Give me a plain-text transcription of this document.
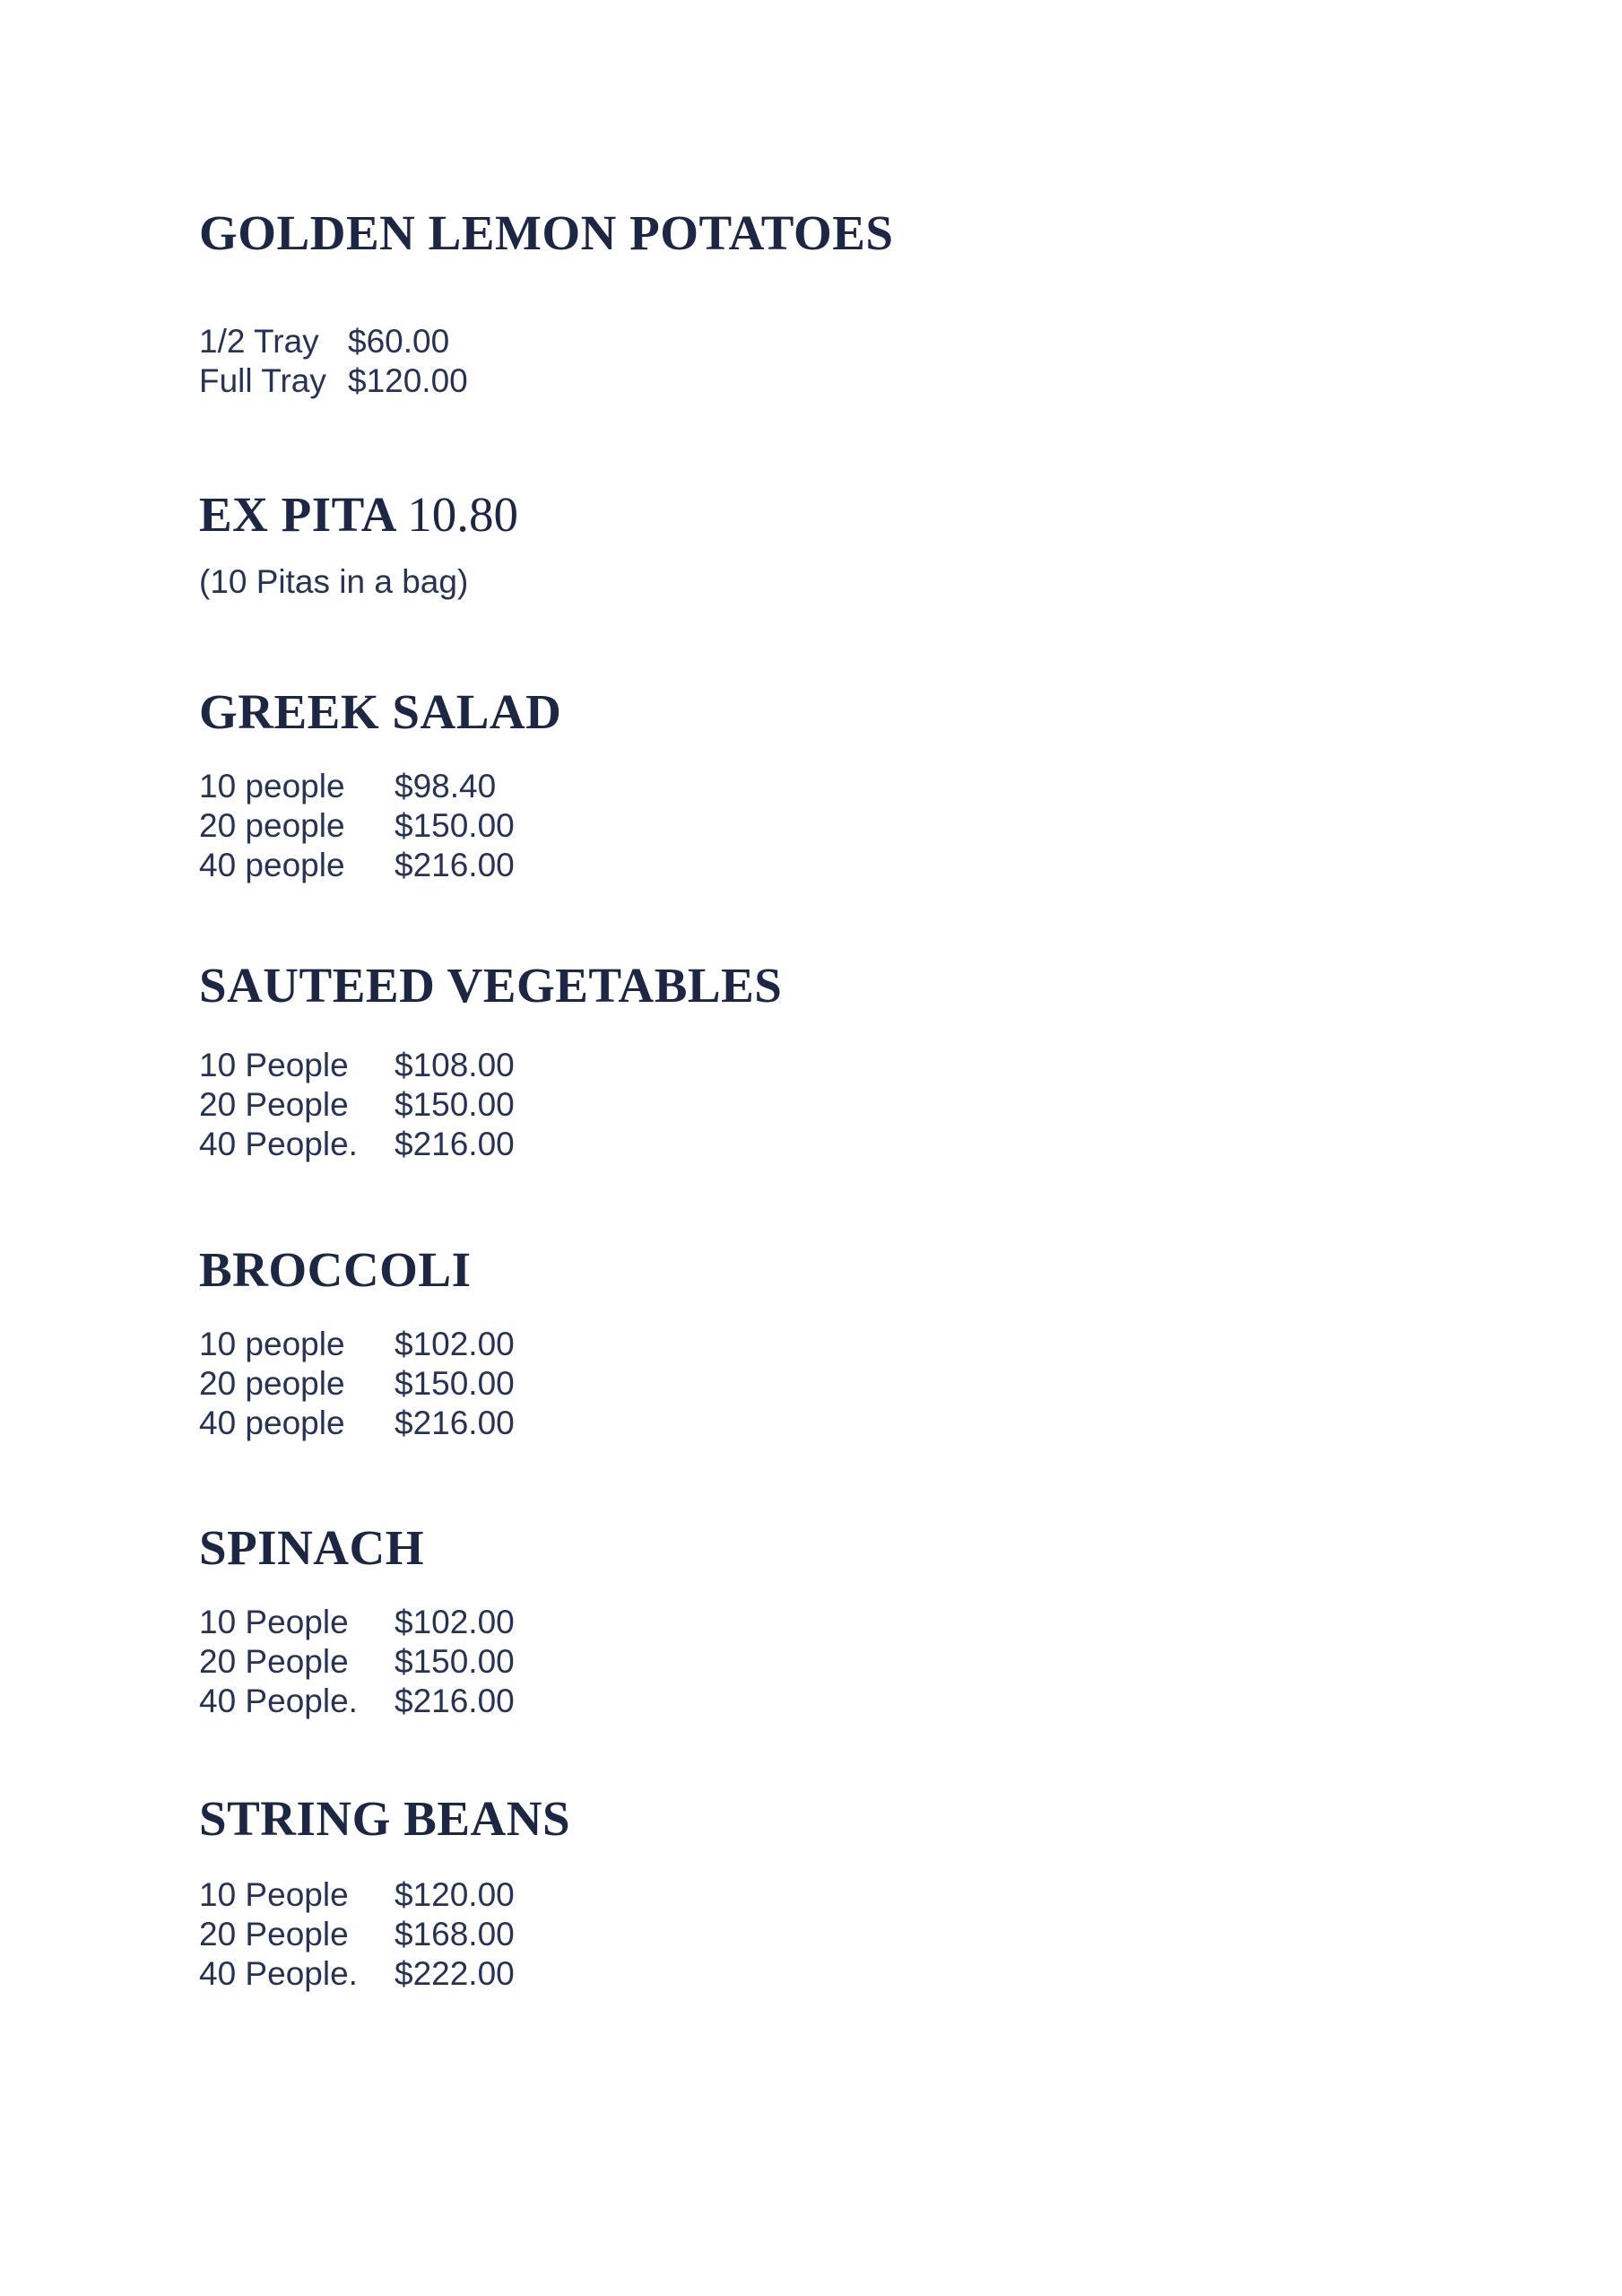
GOLDEN LEMON POTATOES
1/2 Tray $60.00
Full Tray $120.00
EX PITA 10.80

(10 Pitas in a bag)

GREEK SALAD
10 people	$98.40
20 people	$150.00
40 people	$216.00
SAUTEED VEGETABLES
10 People	$108.00
20 People	$150.00
40 People.	$216.00
BROCCOLI
10 people	$102.00
20 people	$150.00
40 people	$216.00
SPINACH
10 People	$102.00
20 People	$150.00
40 People.	$216.00
STRING BEANS
10 People	$120.00
20 People	$168.00
40 People.	$222.00
